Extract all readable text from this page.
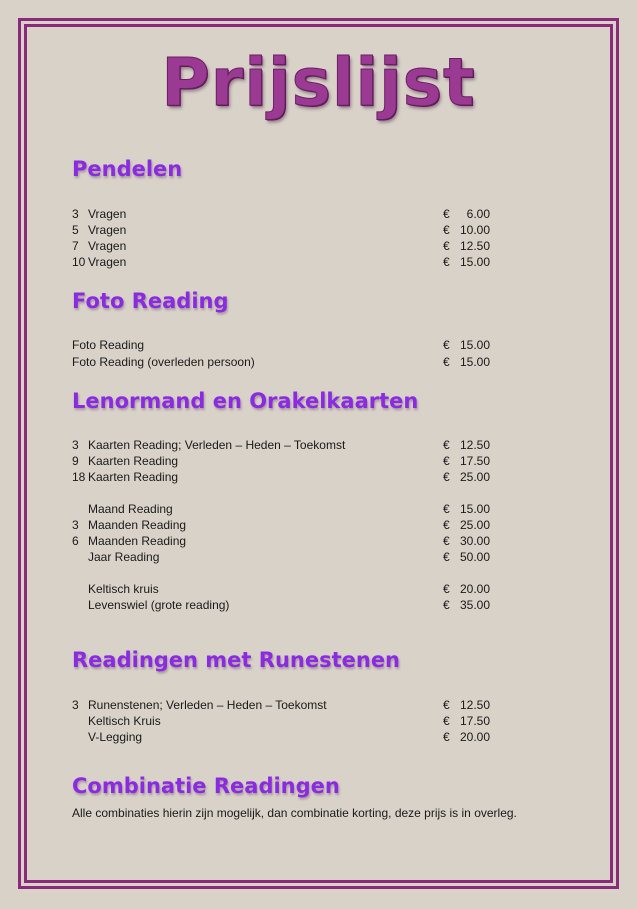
Prijslijst
Pendelen
3 Vragen	€ 6.00
5 Vragen	€ 10.00
7 Vragen	€ 12.50
10 Vragen	€ 15.00
Foto Reading
Foto Reading	€ 15.00
Foto Reading (overleden persoon)	€ 15.00
Lenormand en Orakelkaarten
3 Kaarten Reading; Verleden – Heden – Toekomst	€ 12.50
9 Kaarten Reading	€ 17.50
18 Kaarten Reading	€ 25.00
Maand Reading	€ 15.00
3 Maanden Reading	€ 25.00
6 Maanden Reading	€ 30.00
Jaar Reading	€ 50.00
Keltisch kruis	€ 20.00
Levenswiel (grote reading)	€ 35.00
Readingen met Runestenen
3 Runenstenen; Verleden – Heden – Toekomst	€ 12.50
Keltisch Kruis	€ 17.50
V-Legging	€ 20.00
Combinatie Readingen
Alle combinaties hierin zijn mogelijk, dan combinatie korting, deze prijs is in overleg.
